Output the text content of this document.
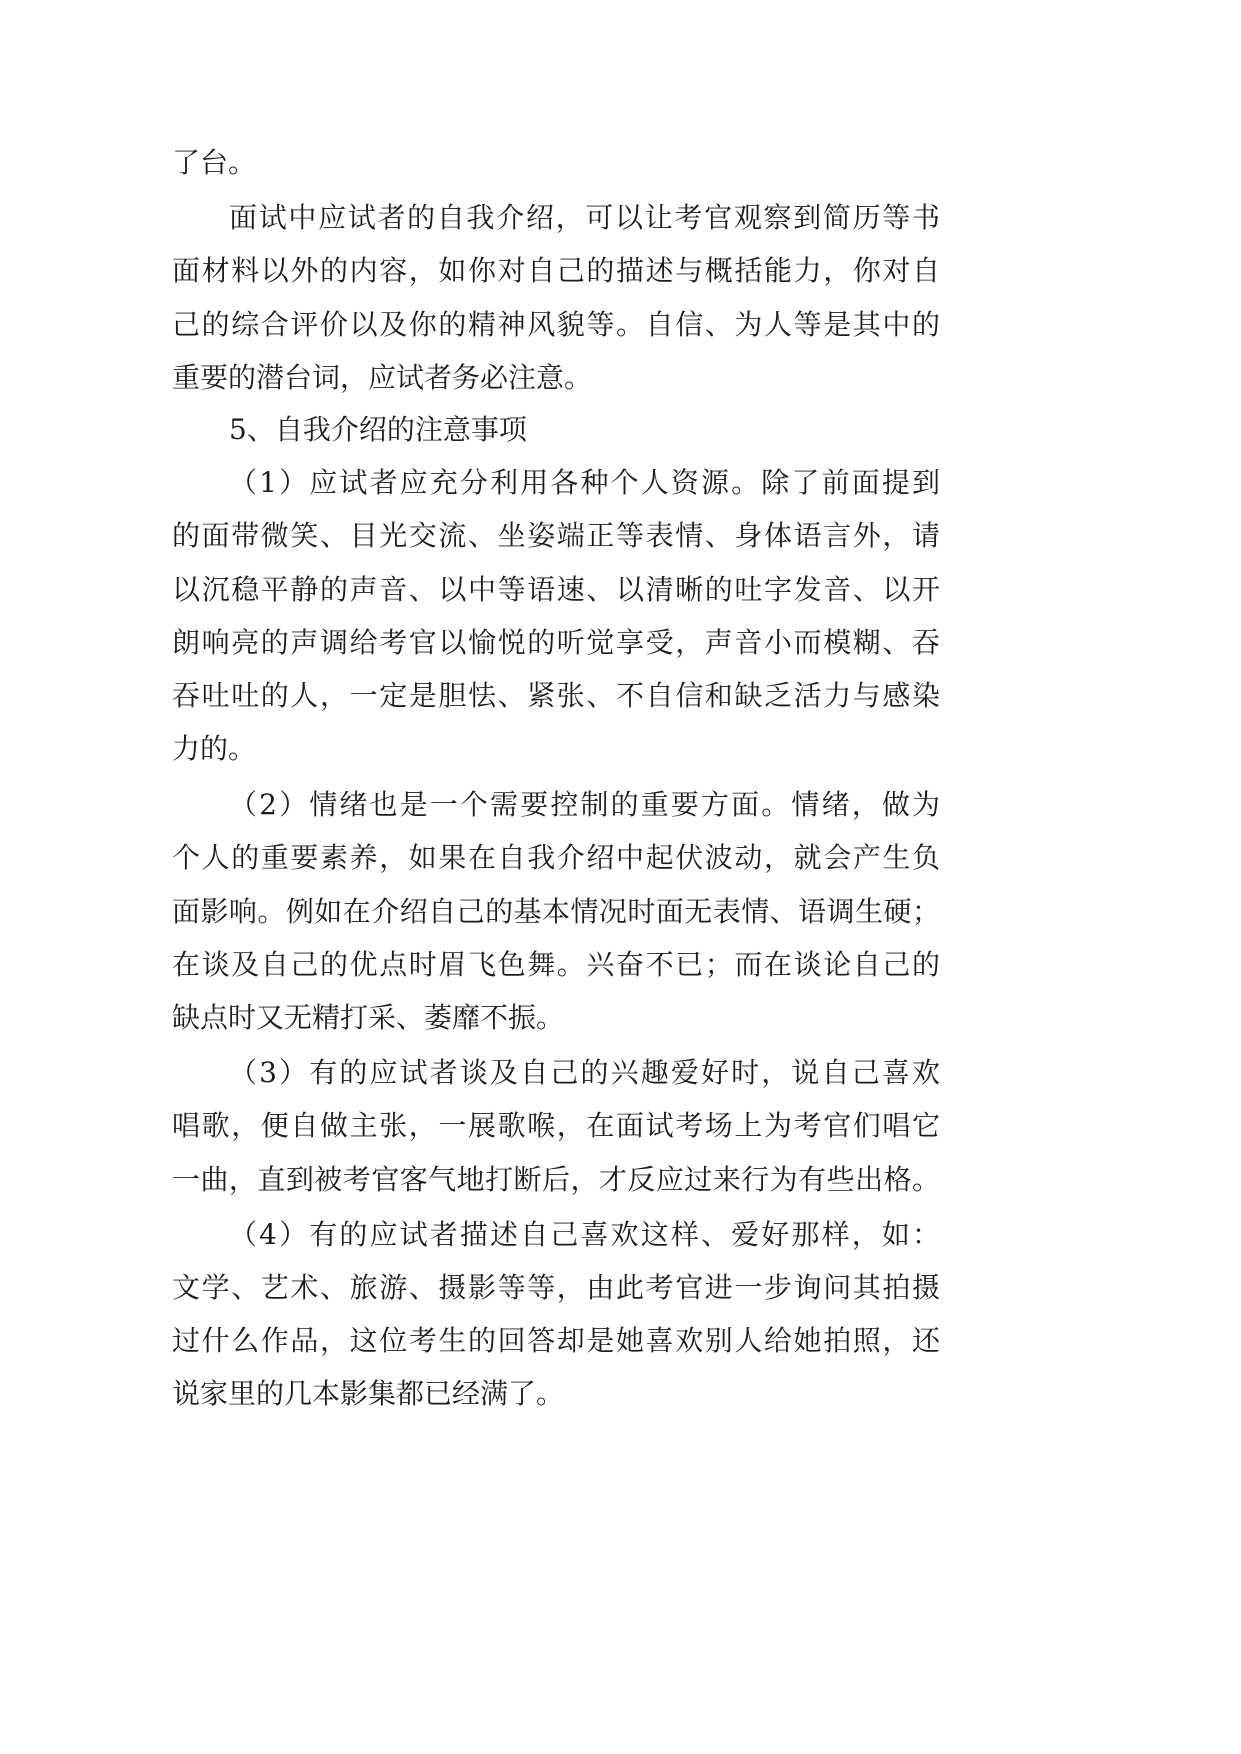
了台。
面试中应试者的自我介绍，可以让考官观察到简历等书
面材料以外的内容，如你对自己的描述与概括能力，你对自
己的综合评价以及你的精神风貌等。自信、为人等是其中的
重要的潜台词，应试者务必注意。
5、自我介绍的注意事项
（1）应试者应充分利用各种个人资源。除了前面提到
的面带微笑、目光交流、坐姿端正等表情、身体语言外，请
以沉稳平静的声音、以中等语速、以清晰的吐字发音、以开
朗响亮的声调给考官以愉悦的听觉享受，声音小而模糊、吞
吞吐吐的人，一定是胆怯、紧张、不自信和缺乏活力与感染
力的。
（2）情绪也是一个需要控制的重要方面。情绪，做为
个人的重要素养，如果在自我介绍中起伏波动，就会产生负
面影响。例如在介绍自己的基本情况时面无表情、语调生硬；
在谈及自己的优点时眉飞色舞。兴奋不已；而在谈论自己的
缺点时又无精打采、萎靡不振。
（3）有的应试者谈及自己的兴趣爱好时，说自己喜欢
唱歌，便自做主张，一展歌喉，在面试考场上为考官们唱它
一曲，直到被考官客气地打断后，才反应过来行为有些出格。
（4）有的应试者描述自己喜欢这样、爱好那样，如：
文学、艺术、旅游、摄影等等，由此考官进一步询问其拍摄
过什么作品，这位考生的回答却是她喜欢别人给她拍照，还
说家里的几本影集都已经满了。
